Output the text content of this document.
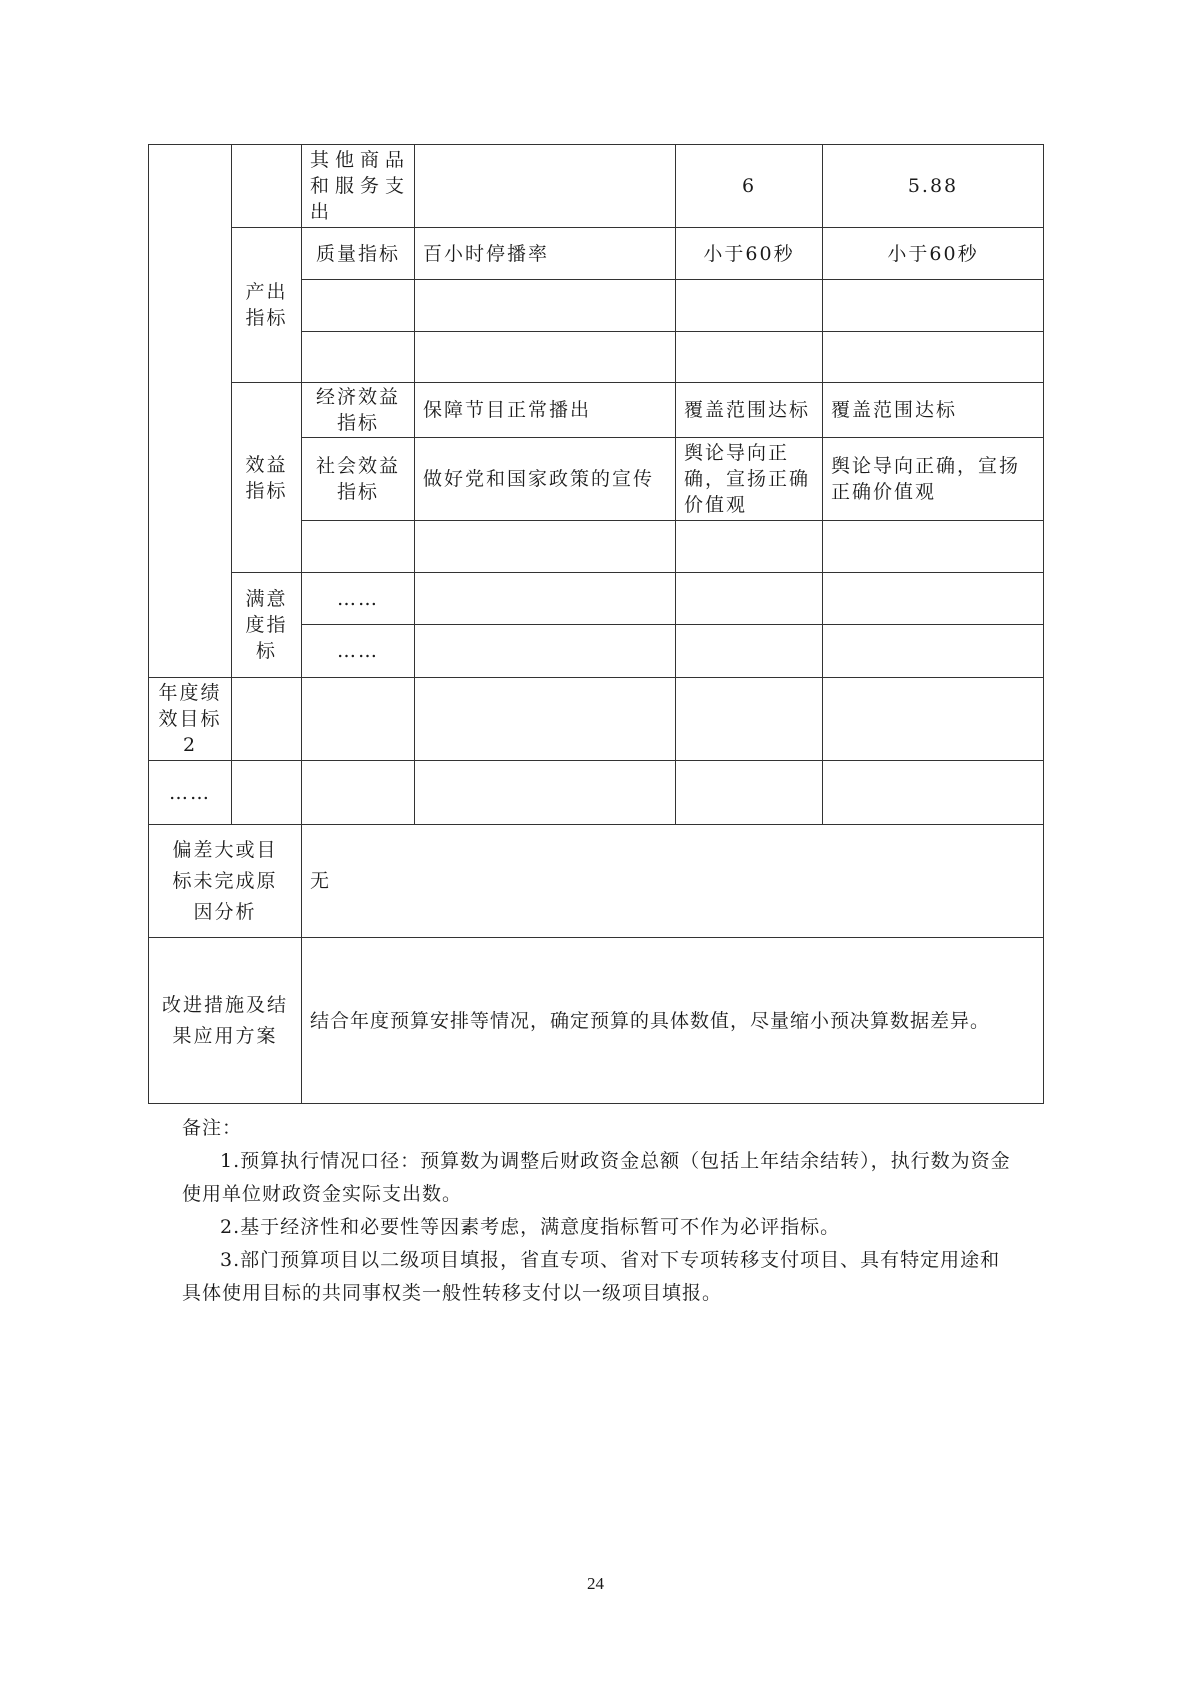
		其他商品和服务支出		6	5.88
	产出指标	质量指标	百小时停播率	小于60秒	小于60秒

	效益指标	经济效益指标	保障节目正常播出	覆盖范围达标	覆盖范围达标
		社会效益指标	做好党和国家政策的宣传	舆论导向正确，宣扬正确价值观	舆论导向正确，宣扬正确价值观

	满意度指标	……			
		……			

年度绩效目标2					
……					
偏差大或目标未完成原因分析		无			
改进措施及结果应用方案		结合年度预算安排等情况，确定预算的具体数值，尽量缩小预决算数据差异。			

备注：

1.预算执行情况口径：预算数为调整后财政资金总额（包括上年结余结转），执行数为资金使用单位财政资金实际支出数。

2.基于经济性和必要性等因素考虑，满意度指标暂可不作为必评指标。

3.部门预算项目以二级项目填报，省直专项、省对下专项转移支付项目、具有特定用途和具体使用目标的共同事权类一般性转移支付以一级项目填报。

24
